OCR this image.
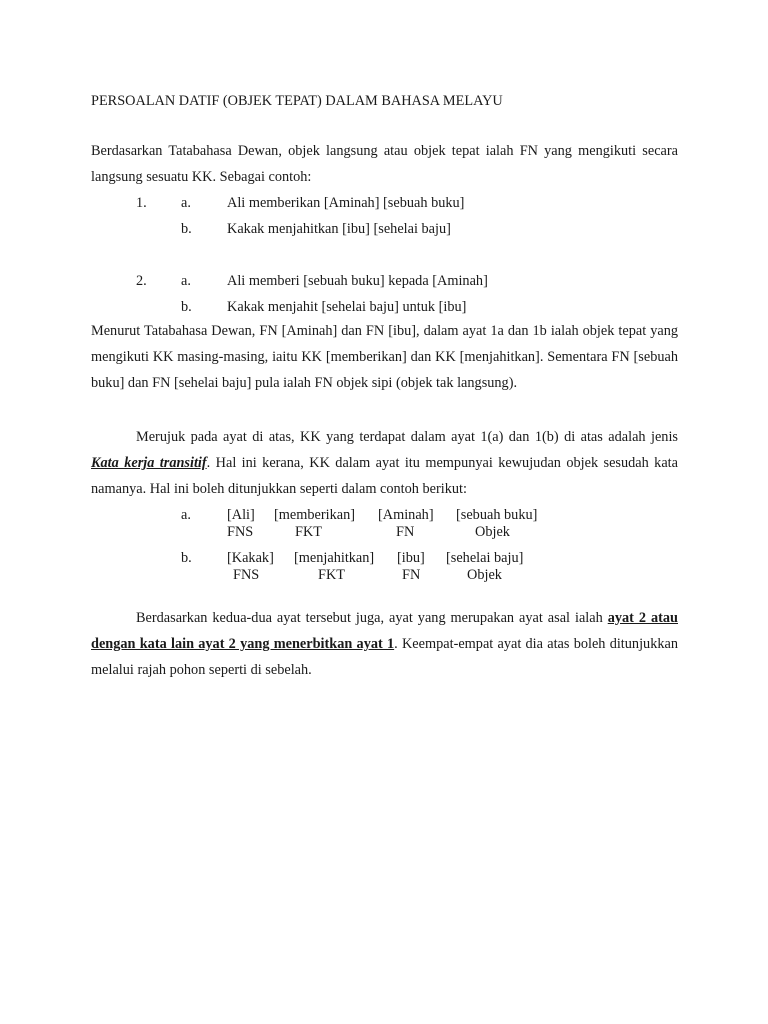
PERSOALAN DATIF (OBJEK TEPAT) DALAM BAHASA MELAYU
Berdasarkan Tatabahasa Dewan, objek langsung atau objek tepat ialah FN yang mengikuti secara langsung sesuatu KK. Sebagai contoh:
1. a.	Ali memberikan [Aminah] [sebuah buku]
b. Kakak menjahitkan [ibu] [sehelai baju]
2. a.	Ali memberi [sebuah buku] kepada [Aminah]
b. Kakak menjahit [sehelai baju] untuk [ibu]
Menurut Tatabahasa Dewan, FN [Aminah] dan FN [ibu], dalam ayat 1a dan 1b ialah objek tepat yang mengikuti KK masing-masing, iaitu KK [memberikan] dan KK [menjahitkan]. Sementara FN [sebuah buku] dan FN [sehelai baju] pula ialah FN objek sipi (objek tak langsung).
Merujuk pada ayat di atas, KK yang terdapat dalam ayat 1(a) dan 1(b) di atas adalah jenis Kata kerja transitif. Hal ini kerana, KK dalam ayat itu mempunyai kewujudan objek sesudah kata namanya. Hal ini boleh ditunjukkan seperti dalam contoh berikut:
a.	[Ali] [memberikan] [Aminah] [sebuah buku]
FNS	FKT	FN	Objek
b. [Kakak] [menjahitkan] [ibu] [sehelai baju]
FNS	FKT	FN	Objek
Berdasarkan kedua-dua ayat tersebut juga, ayat yang merupakan ayat asal ialah ayat 2 atau dengan kata lain ayat 2 yang menerbitkan ayat 1. Keempat-empat ayat dia atas boleh ditunjukkan melalui rajah pohon seperti di sebelah.
